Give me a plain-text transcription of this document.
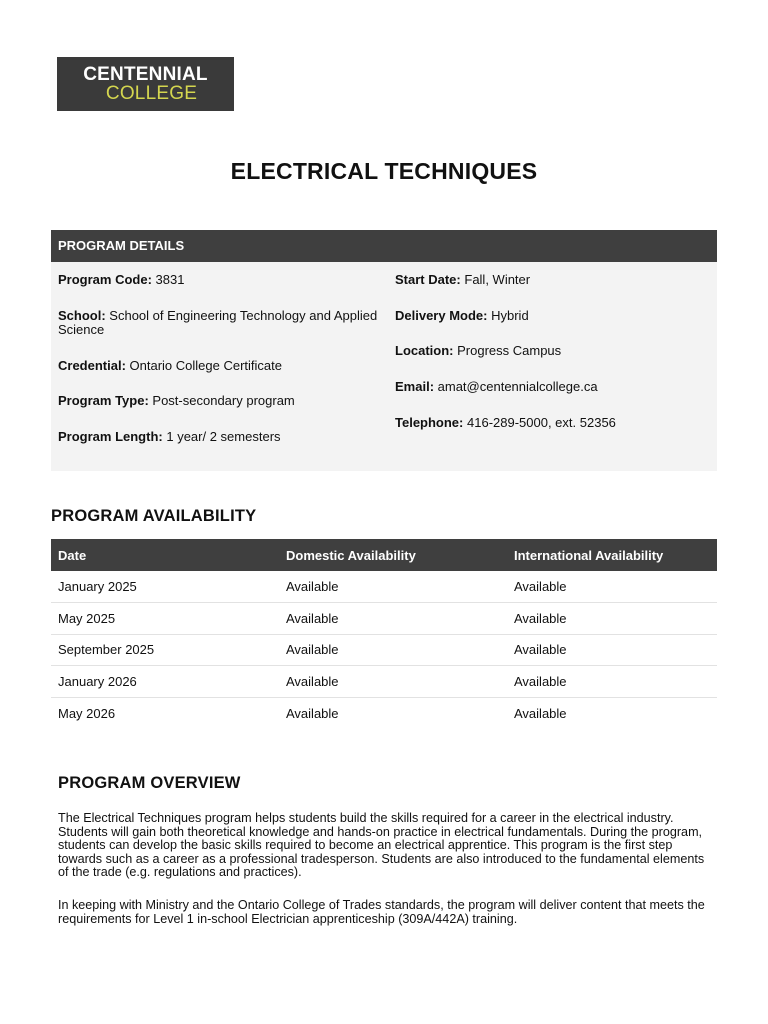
CENTENNIAL
COLLEGE
ELECTRICAL TECHNIQUES
PROGRAM DETAILS
Program Code: 3831
School: School of Engineering Technology and Applied Science
Credential: Ontario College Certificate
Program Type: Post-secondary program
Program Length: 1 year/ 2 semesters
Start Date: Fall, Winter
Delivery Mode: Hybrid
Location: Progress Campus
Email: amat@centennialcollege.ca
Telephone: 416-289-5000, ext. 52356
PROGRAM AVAILABILITY
Date	Domestic Availability	International Availability
January 2025	Available	Available
May 2025	Available	Available
September 2025	Available	Available
January 2026	Available	Available
May 2026	Available	Available
PROGRAM OVERVIEW

The Electrical Techniques program helps students build the skills required for a career in the electrical industry. Students will gain both theoretical knowledge and hands-on practice in electrical fundamentals. During the program, students can develop the basic skills required to become an electrical apprentice. This program is the first step towards such as a career as a professional tradesperson. Students are also introduced to the fundamental elements of the trade (e.g. regulations and practices).

In keeping with Ministry and the Ontario College of Trades standards, the program will deliver content that meets the requirements for Level 1 in-school Electrician apprenticeship (309A/442A) training.
